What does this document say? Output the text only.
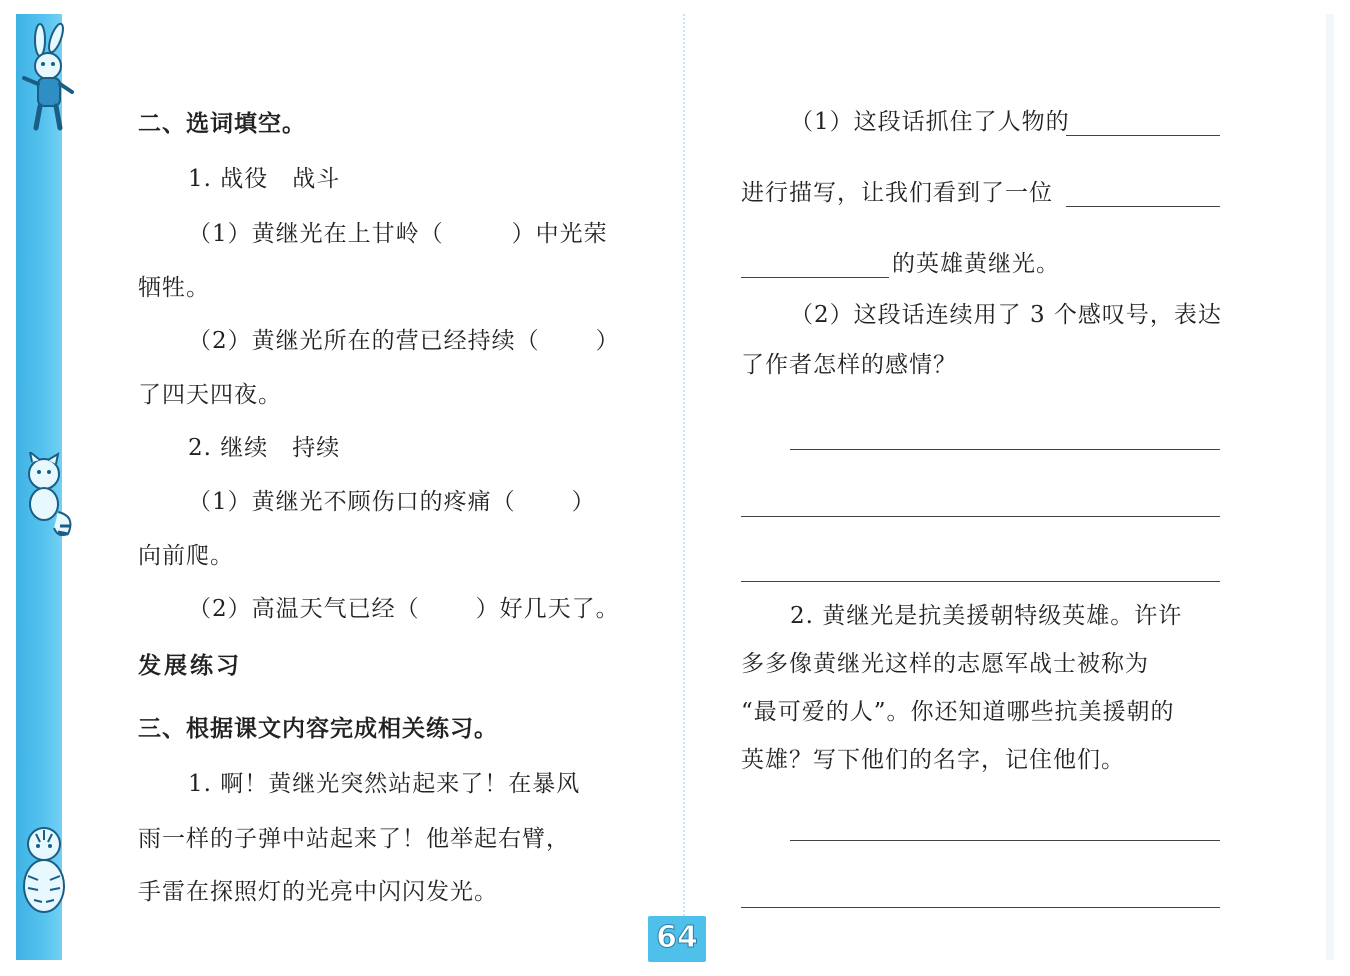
二、选词填空。
1. 战役　战斗
（1）黄继光在上甘岭（	）中光荣
牺牲。
（2）黄继光所在的营已经持续（ ）
了四天四夜。
2. 继续　持续
（1）黄继光不顾伤口的疼痛（ ）
向前爬。
（2）高温天气已经（ ）好几天了。
发展练习
三、根据课文内容完成相关练习。
1. 啊！黄继光突然站起来了！在暴风
雨一样的子弹中站起来了！他举起右臂，
手雷在探照灯的光亮中闪闪发光。
（1）这段话抓住了人物的
进行描写，让我们看到了一位
的英雄黄继光。
（2）这段话连续用了 3 个感叹号，表达
了作者怎样的感情？
2. 黄继光是抗美援朝特级英雄。许许
多多像黄继光这样的志愿军战士被称为
“最可爱的人”。你还知道哪些抗美援朝的
英雄？写下他们的名字，记住他们。
64
